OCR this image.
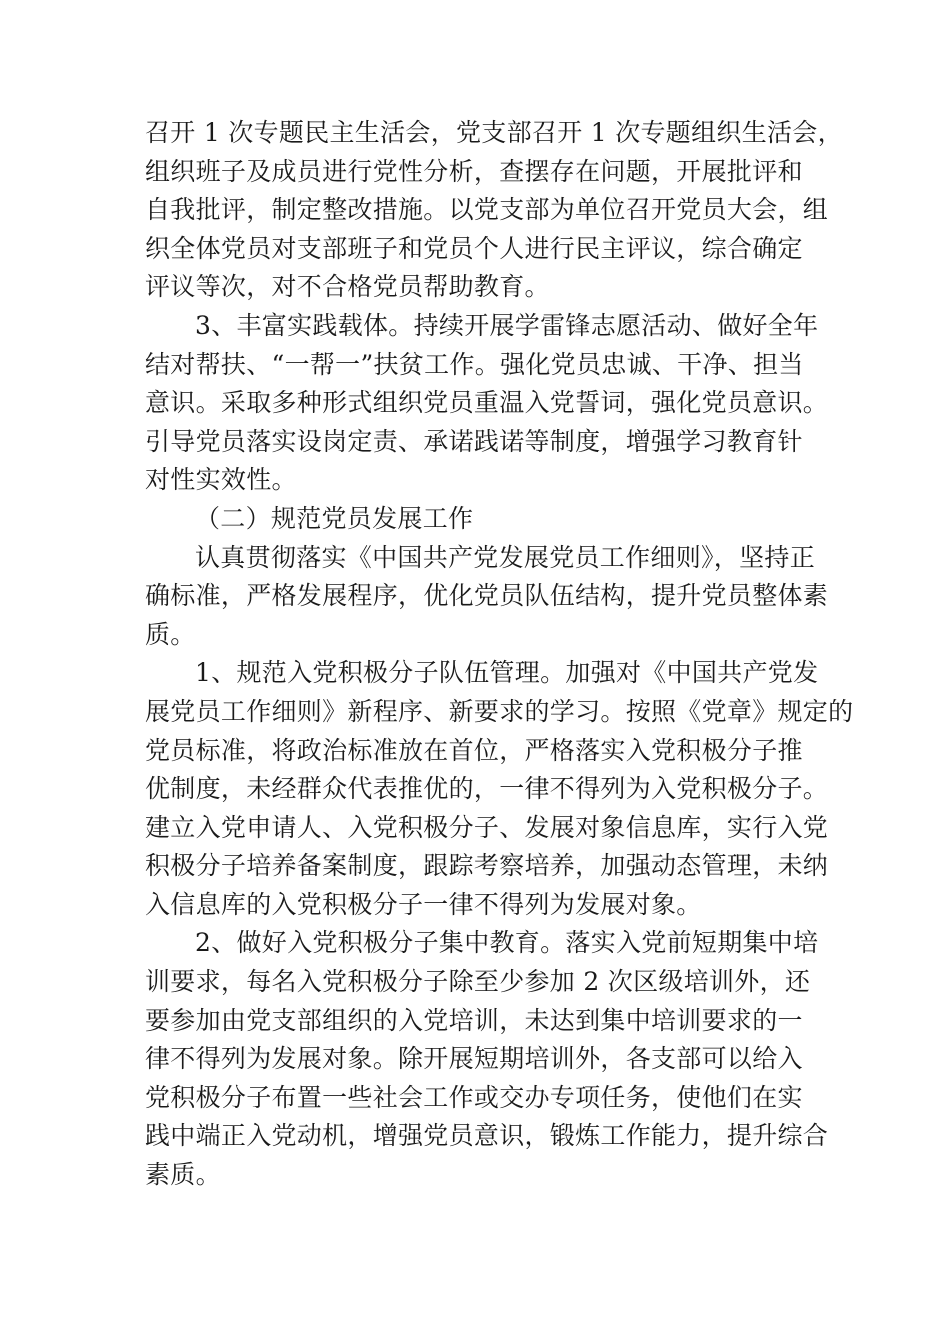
召开 1 次专题民主生活会，党支部召开 1 次专题组织生活会，
组织班子及成员进行党性分析，查摆存在问题，开展批评和
自我批评，制定整改措施。以党支部为单位召开党员大会，组
织全体党员对支部班子和党员个人进行民主评议，综合确定
评议等次，对不合格党员帮助教育。

3、丰富实践载体。持续开展学雷锋志愿活动、做好全年
结对帮扶、“一帮一”扶贫工作。强化党员忠诚、干净、担当
意识。采取多种形式组织党员重温入党誓词，强化党员意识。
引导党员落实设岗定责、承诺践诺等制度，增强学习教育针
对性实效性。

（二）规范党员发展工作

认真贯彻落实《中国共产党发展党员工作细则》，坚持正
确标准，严格发展程序，优化党员队伍结构，提升党员整体素
质。

1、规范入党积极分子队伍管理。加强对《中国共产党发
展党员工作细则》新程序、新要求的学习。按照《党章》规定的
党员标准，将政治标准放在首位，严格落实入党积极分子推
优制度，未经群众代表推优的，一律不得列为入党积极分子。
建立入党申请人、入党积极分子、发展对象信息库，实行入党
积极分子培养备案制度，跟踪考察培养，加强动态管理，未纳
入信息库的入党积极分子一律不得列为发展对象。

2、做好入党积极分子集中教育。落实入党前短期集中培
训要求，每名入党积极分子除至少参加 2 次区级培训外，还
要参加由党支部组织的入党培训，未达到集中培训要求的一
律不得列为发展对象。除开展短期培训外，各支部可以给入
党积极分子布置一些社会工作或交办专项任务，使他们在实
践中端正入党动机，增强党员意识，锻炼工作能力，提升综合
素质。
